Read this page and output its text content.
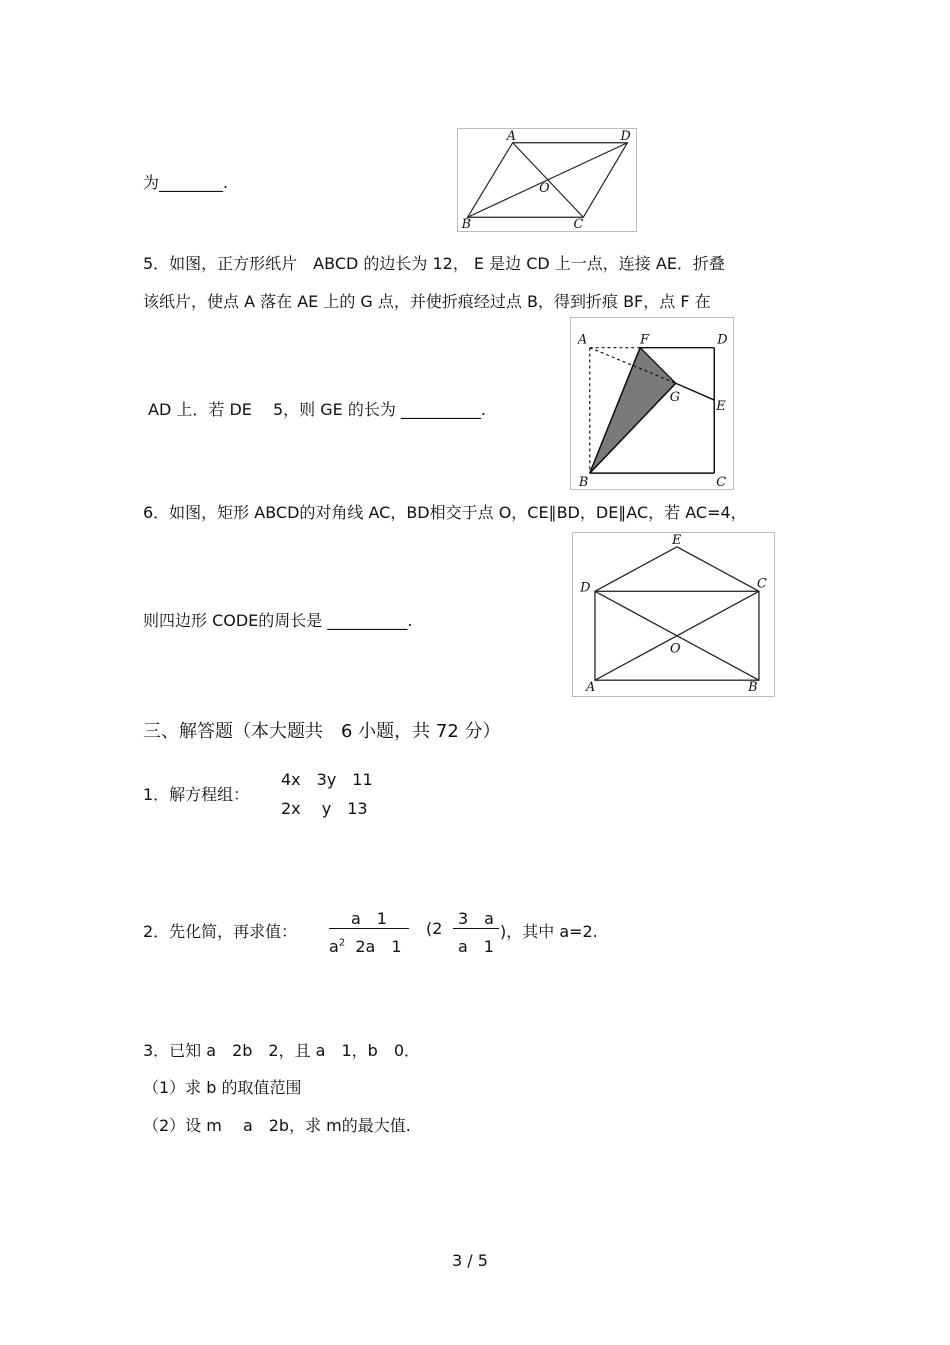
为________.
A	D
O
B	C
5．如图，正方形纸片　ABCD 的边长为 12， E 是边 CD 上一点，连接 AE．折叠
该纸片，使点 A 落在 AE 上的 G 点，并使折痕经过点 B，得到折痕 BF，点 F 在
AD 上．若 DE　 5，则 GE 的长为 __________.
A	F	D
G
E
B	C
6．如图，矩形 ABCD的对角线 AC，BD相交于点 O，CE∥BD，DE∥AC，若 AC=4，
则四边形 CODE的周长是 __________.
E
D	C
O
A	B
三、解答题（本大题共　6 小题，共 72 分）
1．解方程组：
4x　3y　11
2x　 y　13
2．先化简，再求值：
a　1
$a^2$ 2a　1
(2
3　a
a　1
)，其中 a=2.
3．已知 a　2b　2，且 a　1，b　0．
（1）求 b 的取值范围
（2）设 m　 a　2b，求 m的最大值.
3 / 5
